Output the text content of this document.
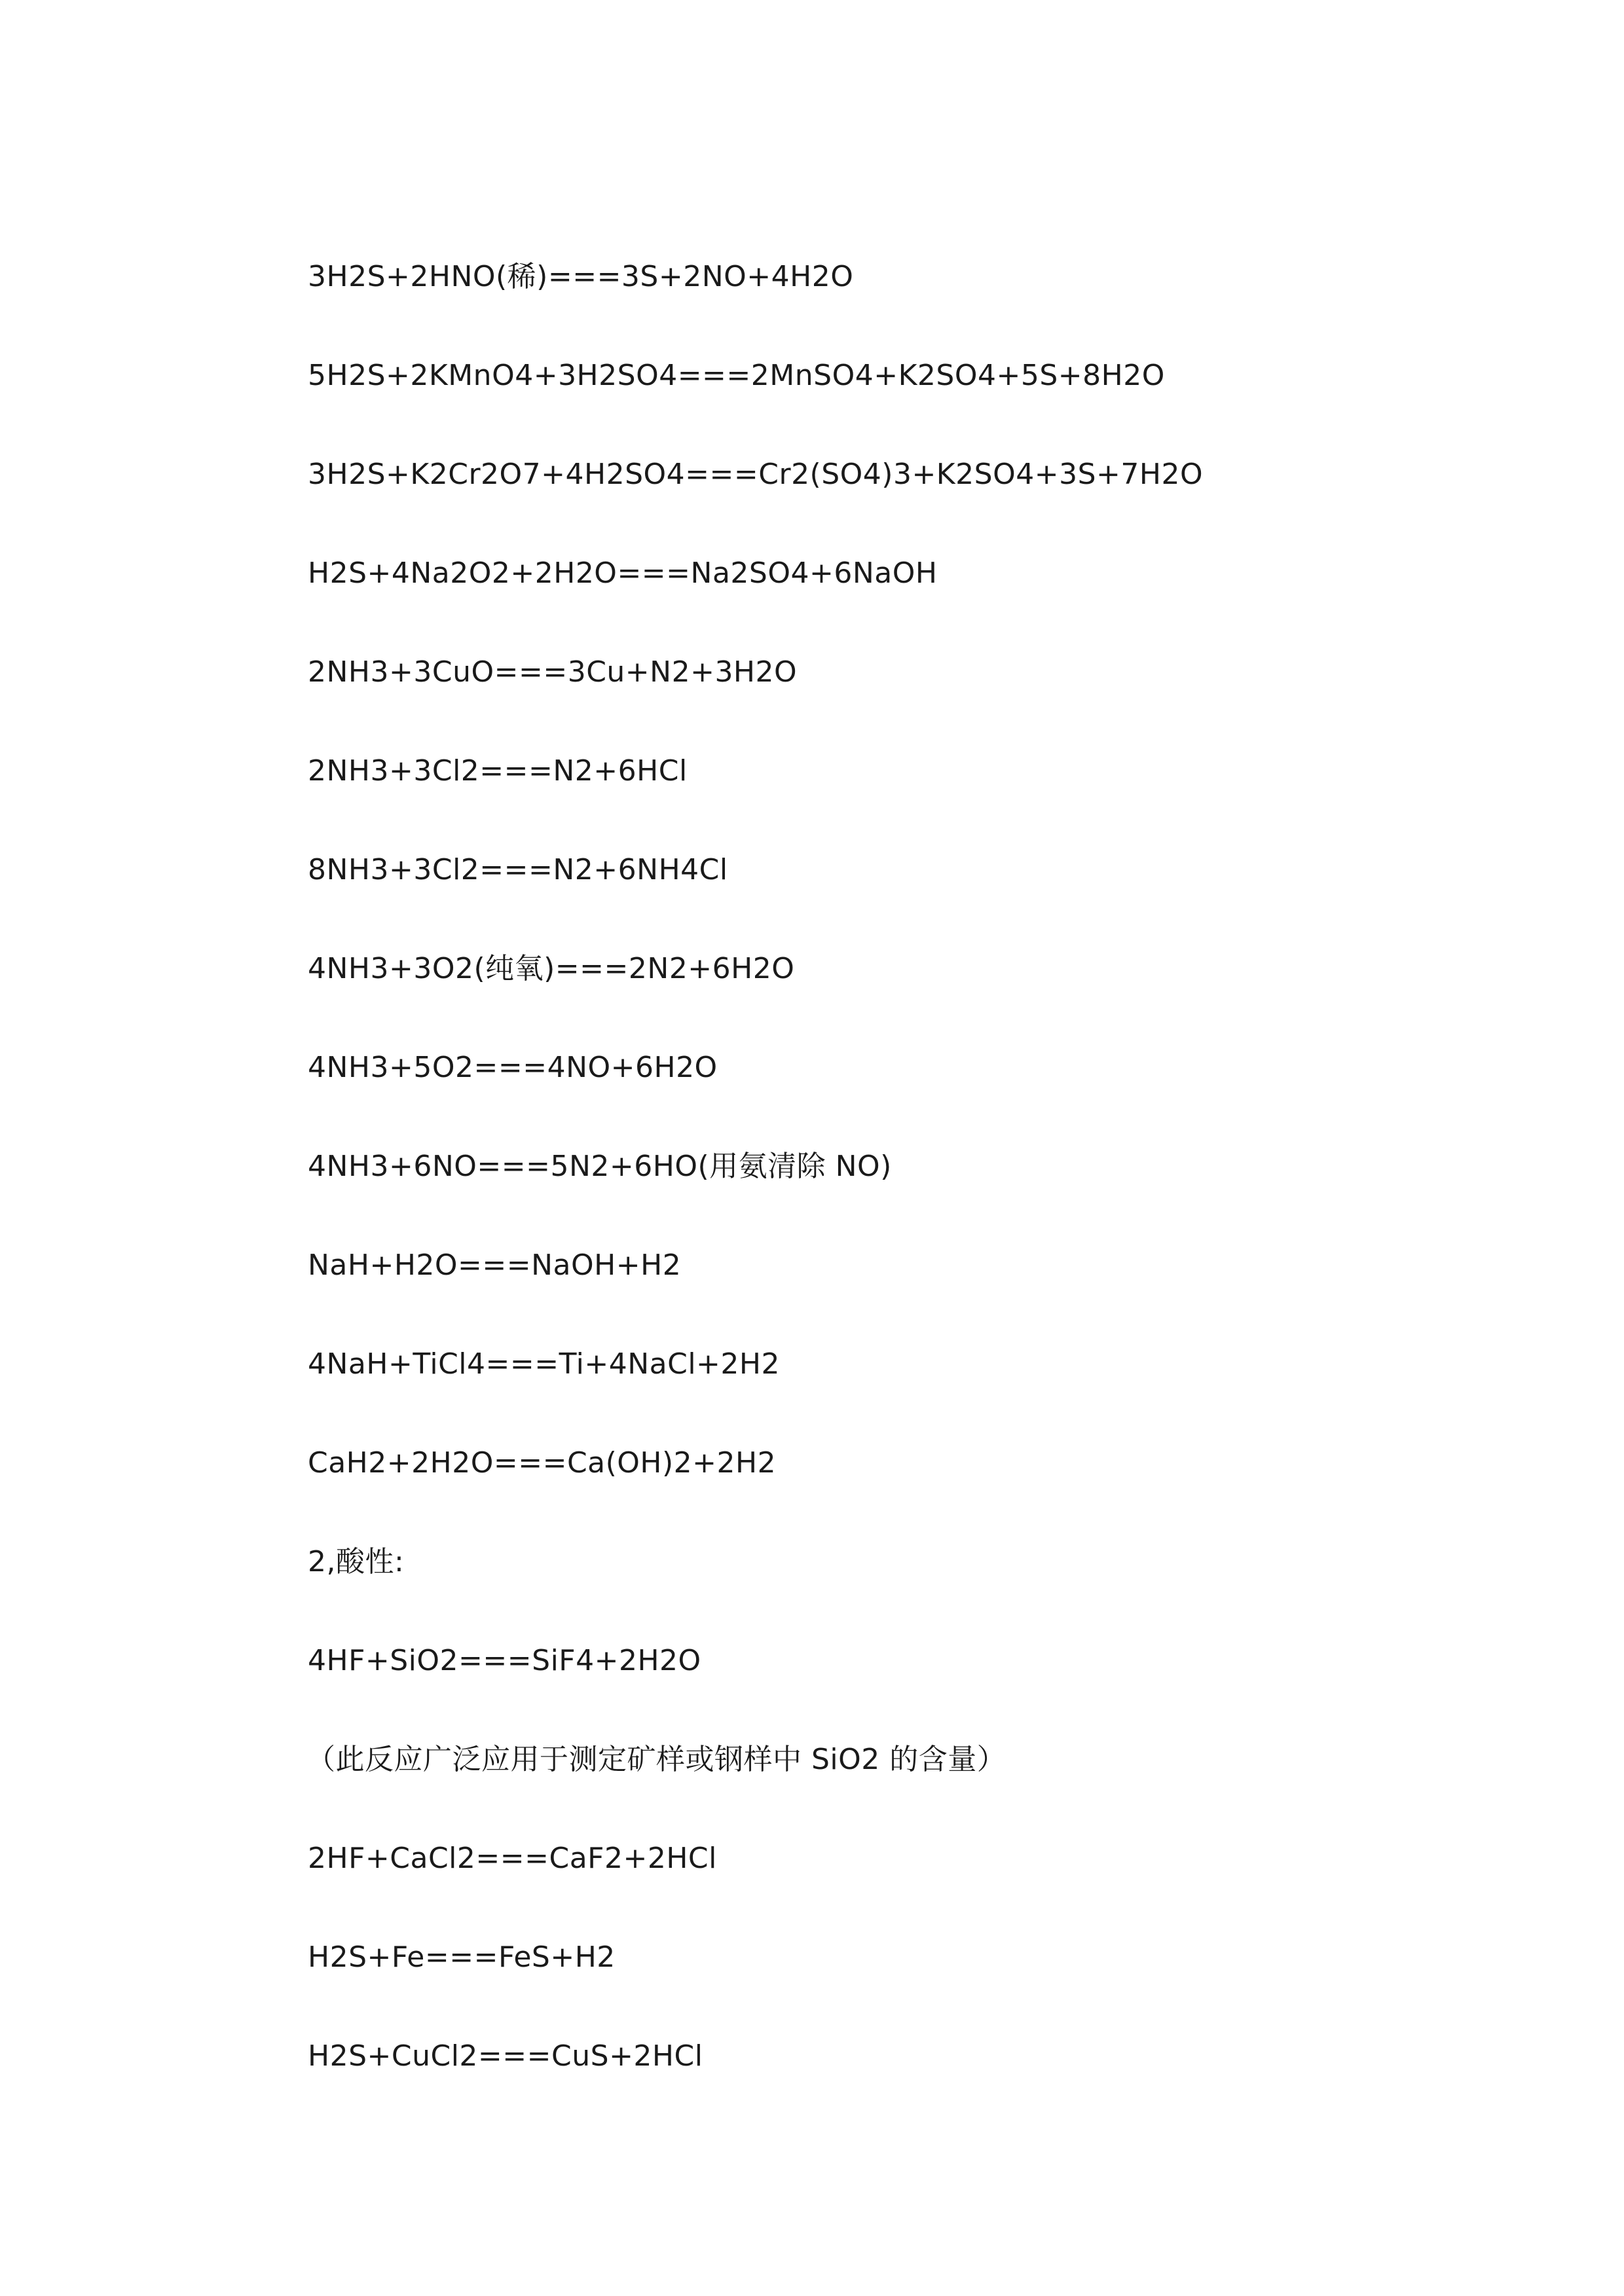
3H2S+2HNO(稀)===3S+2NO+4H2O
5H2S+2KMnO4+3H2SO4===2MnSO4+K2SO4+5S+8H2O
3H2S+K2Cr2O7+4H2SO4===Cr2(SO4)3+K2SO4+3S+7H2O
H2S+4Na2O2+2H2O===Na2SO4+6NaOH
2NH3+3CuO===3Cu+N2+3H2O
2NH3+3Cl2===N2+6HCl
8NH3+3Cl2===N2+6NH4Cl
4NH3+3O2(纯氧)===2N2+6H2O
4NH3+5O2===4NO+6H2O
4NH3+6NO===5N2+6HO(用氨清除 NO)
NaH+H2O===NaOH+H2
4NaH+TiCl4===Ti+4NaCl+2H2
CaH2+2H2O===Ca(OH)2+2H2
2,酸性:
4HF+SiO2===SiF4+2H2O
（此反应广泛应用于测定矿样或钢样中 SiO2 的含量）
2HF+CaCl2===CaF2+2HCl
H2S+Fe===FeS+H2
H2S+CuCl2===CuS+2HCl
